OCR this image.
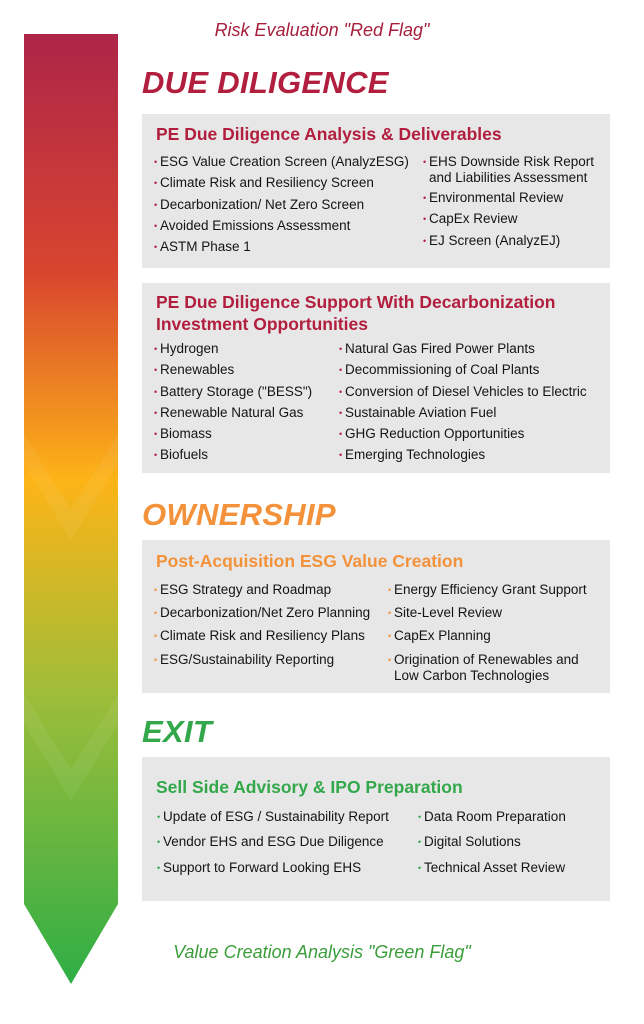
Risk Evaluation "Red Flag"
DUE DILIGENCE
PE Due Diligence Analysis & Deliverables
• ESG Value Creation Screen (AnalyzESG)
• Climate Risk and Resiliency Screen
• Decarbonization/ Net Zero Screen
• Avoided Emissions Assessment
• ASTM Phase 1
• EHS Downside Risk Report
and Liabilities Assessment
• Environmental Review
• CapEx Review
• EJ Screen (AnalyzEJ)
PE Due Diligence Support With Decarbonization
Investment Opportunities
• Hydrogen
• Renewables
• Battery Storage ("BESS")
• Renewable Natural Gas
• Biomass
• Biofuels
• Natural Gas Fired Power Plants
• Decommissioning of Coal Plants
• Conversion of Diesel Vehicles to Electric
• Sustainable Aviation Fuel
• GHG Reduction Opportunities
• Emerging Technologies
OWNERSHIP
Post-Acquisition ESG Value Creation
• ESG Strategy and Roadmap
• Decarbonization/Net Zero Planning
• Climate Risk and Resiliency Plans
• ESG/Sustainability Reporting
• Energy Efficiency Grant Support
• Site-Level Review
• CapEx Planning
• Origination of Renewables and
Low Carbon Technologies
EXIT
Sell Side Advisory & IPO Preparation
• Update of ESG / Sustainability Report
• Vendor EHS and ESG Due Diligence
• Support to Forward Looking EHS
• Data Room Preparation
• Digital Solutions
• Technical Asset Review
Value Creation Analysis "Green Flag"
